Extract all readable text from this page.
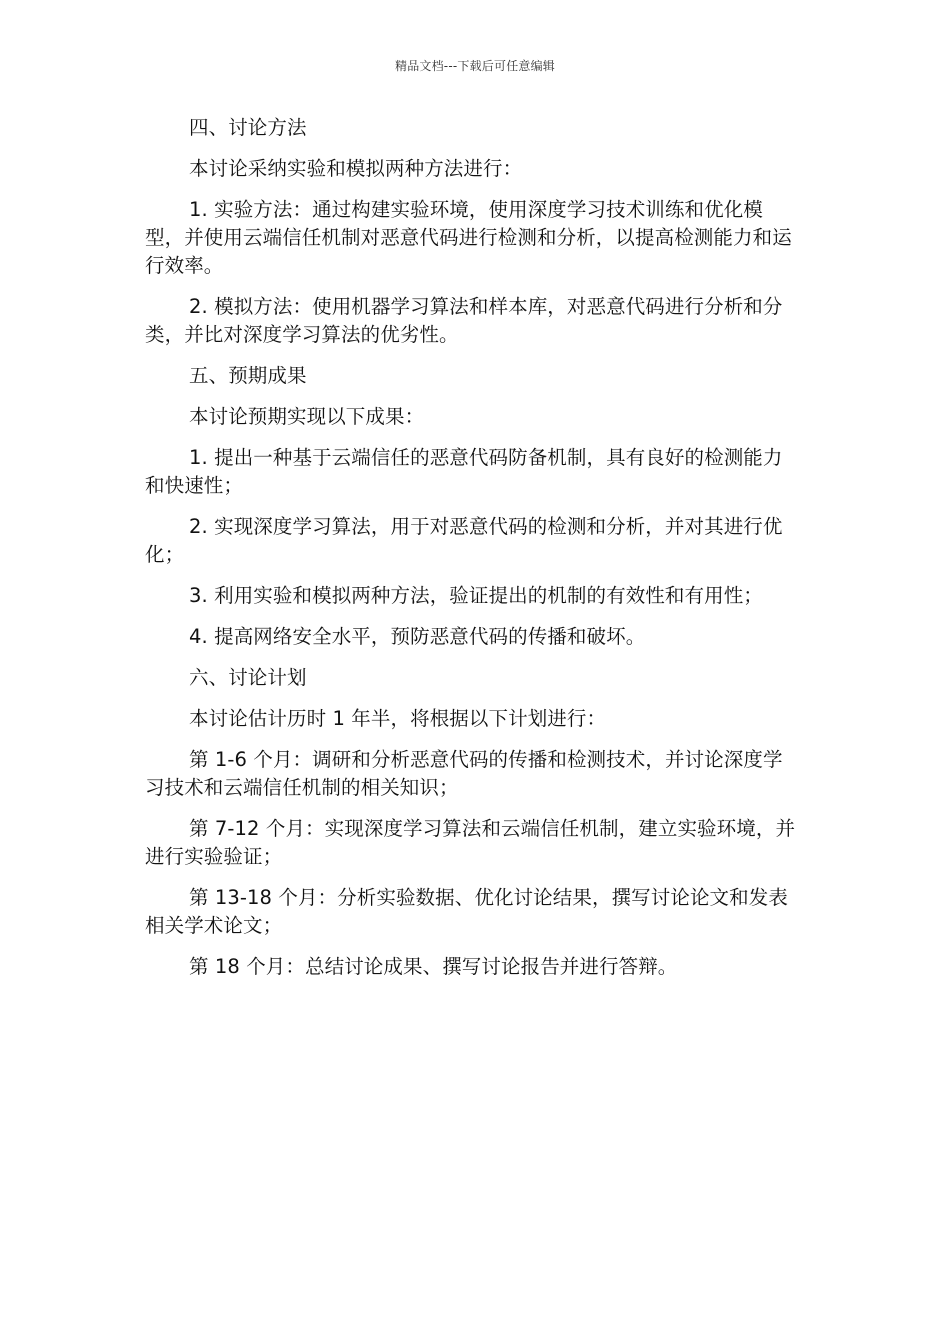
精品文档---下载后可任意编辑

四、讨论方法

本讨论采纳实验和模拟两种方法进行：

1. 实验方法：通过构建实验环境，使用深度学习技术训练和优化模型，并使用云端信任机制对恶意代码进行检测和分析，以提高检测能力和运行效率。

2. 模拟方法：使用机器学习算法和样本库，对恶意代码进行分析和分类，并比对深度学习算法的优劣性。

五、预期成果

本讨论预期实现以下成果：

1. 提出一种基于云端信任的恶意代码防备机制，具有良好的检测能力和快速性；

2. 实现深度学习算法，用于对恶意代码的检测和分析，并对其进行优化；

3. 利用实验和模拟两种方法，验证提出的机制的有效性和有用性；

4. 提高网络安全水平，预防恶意代码的传播和破坏。

六、讨论计划

本讨论估计历时 1 年半，将根据以下计划进行：

第 1-6 个月：调研和分析恶意代码的传播和检测技术，并讨论深度学习技术和云端信任机制的相关知识；

第 7-12 个月：实现深度学习算法和云端信任机制，建立实验环境，并进行实验验证；

第 13-18 个月：分析实验数据、优化讨论结果，撰写讨论论文和发表相关学术论文；

第 18 个月：总结讨论成果、撰写讨论报告并进行答辩。
